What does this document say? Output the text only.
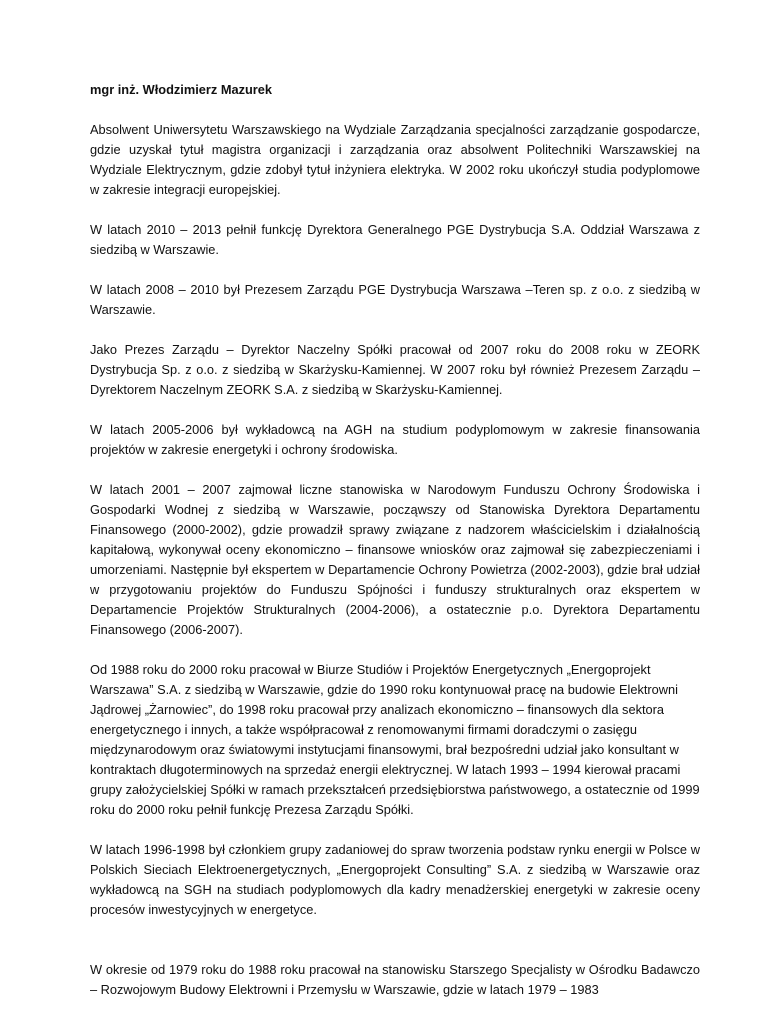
mgr inż. Włodzimierz Mazurek

Absolwent Uniwersytetu Warszawskiego na Wydziale Zarządzania specjalności zarządzanie gospodarcze, gdzie uzyskał tytuł magistra organizacji i zarządzania oraz absolwent Politechniki Warszawskiej na Wydziale Elektrycznym, gdzie zdobył tytuł inżyniera elektryka. W 2002 roku ukończył studia podyplomowe w zakresie integracji europejskiej.

W latach 2010 – 2013 pełnił funkcję Dyrektora Generalnego PGE Dystrybucja S.A. Oddział Warszawa z siedzibą w Warszawie.

W latach 2008 – 2010 był Prezesem Zarządu PGE Dystrybucja Warszawa –Teren sp. z o.o. z siedzibą w Warszawie.

Jako Prezes Zarządu – Dyrektor Naczelny Spółki pracował od 2007 roku do 2008 roku w ZEORK Dystrybucja Sp. z o.o. z siedzibą w Skarżysku-Kamiennej. W 2007 roku był również Prezesem Zarządu – Dyrektorem Naczelnym ZEORK S.A. z siedzibą w Skarżysku-Kamiennej.

W latach 2005-2006 był wykładowcą na AGH na studium podyplomowym w zakresie finansowania projektów w zakresie energetyki i ochrony środowiska.

W latach 2001 – 2007 zajmował liczne stanowiska w Narodowym Funduszu Ochrony Środowiska i Gospodarki Wodnej z siedzibą w Warszawie, począwszy od Stanowiska Dyrektora Departamentu Finansowego (2000-2002), gdzie prowadził sprawy związane z nadzorem właścicielskim i działalnością kapitałową, wykonywał oceny ekonomiczno – finansowe wniosków oraz zajmował się zabezpieczeniami i umorzeniami. Następnie był ekspertem w Departamencie Ochrony Powietrza (2002-2003), gdzie brał udział w przygotowaniu projektów do Funduszu Spójności i funduszy strukturalnych oraz ekspertem w Departamencie Projektów Strukturalnych (2004-2006), a ostatecznie p.o. Dyrektora Departamentu Finansowego (2006-2007).

Od 1988 roku do 2000 roku pracował w Biurze Studiów i Projektów Energetycznych „Energoprojekt Warszawa” S.A. z siedzibą w Warszawie, gdzie do 1990 roku kontynuował pracę na budowie Elektrowni Jądrowej „Żarnowiec”, do 1998 roku pracował przy analizach ekonomiczno – finansowych dla sektora energetycznego i innych, a także współpracował z renomowanymi firmami doradczymi o zasięgu międzynarodowym oraz światowymi instytucjami finansowymi, brał bezpośredni udział jako konsultant w kontraktach długoterminowych na sprzedaż energii elektrycznej. W latach 1993 – 1994 kierował pracami grupy założycielskiej Spółki w ramach przekształceń przedsiębiorstwa państwowego, a ostatecznie od 1999 roku do 2000 roku pełnił funkcję Prezesa Zarządu Spółki.

W latach 1996-1998 był członkiem grupy zadaniowej do spraw tworzenia podstaw rynku energii w Polsce w Polskich Sieciach Elektroenergetycznych, „Energoprojekt Consulting” S.A. z siedzibą w Warszawie oraz wykładowcą na SGH na studiach podyplomowych dla kadry menadżerskiej energetyki w zakresie oceny procesów inwestycyjnych w energetyce.

W okresie od 1979 roku do 1988 roku pracował na stanowisku Starszego Specjalisty w Ośrodku Badawczo – Rozwojowym Budowy Elektrowni i Przemysłu w Warszawie, gdzie w latach 1979 – 1983
